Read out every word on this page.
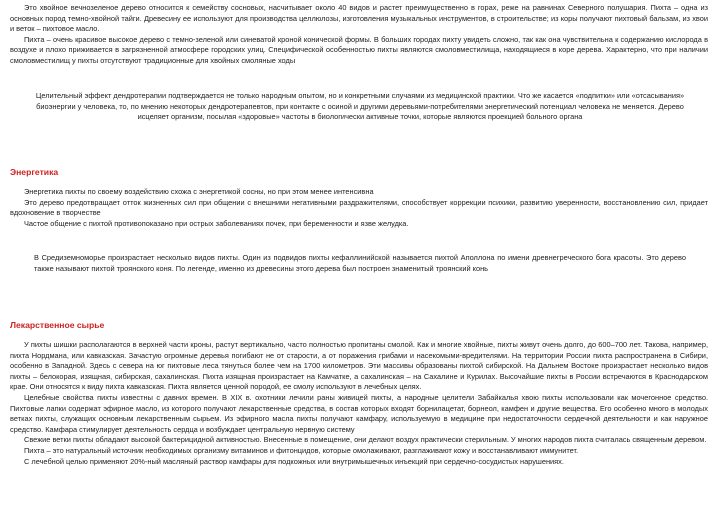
Это хвойное вечнозеленое дерево относится к семейству сосновых, насчитывает около 40 видов и растет преимущественно в горах, реже на равнинах Северного полушария. Пихта – одна из основных пород темно-хвойной тайги. Древесину ее используют для производства целлюлозы, изготовления музыкальных инструментов, в строительстве; из коры получают пихтовый бальзам, из хвои и веток – пихтовое масло.
Пихта – очень красивое высокое дерево с темно-зеленой или синеватой кроной конической формы. В больших городах пихту увидеть сложно, так как она чувствительна к содержанию кислорода в воздухе и плохо приживается в загрязненной атмосфере городских улиц. Специфической особенностью пихты являются смоловместилища, находящиеся в коре дерева. Характерно, что при наличии смоловместилищ у пихты отсутствуют традиционные для хвойных смоляные ходы
Целительный эффект дендротерапии подтверждается не только народным опытом, но и конкретными случаями из медицинской практики. Что же касается «подпитки» или «отсасывания» биоэнергии у человека, то, по мнению некоторых дендротерапевтов, при контакте с осиной и другими деревьями-потребителями энергетический потенциал человека не меняется. Дерево исцеляет организм, посылая «здоровые» частоты в биологически активные точки, которые являются проекцией больного органа
Энергетика
Энергетика пихты по своему воздействию схожа с энергетикой сосны, но при этом менее интенсивна
Это дерево предотвращает отток жизненных сил при общении с внешними негативными раздражителями, способствует коррекции психики, развитию уверенности, восстановлению сил, придает вдохновение в творчестве
Частое общение с пихтой противопоказано при острых заболеваниях почек, при беременности и язве желудка.
В Средиземноморье произрастает несколько видов пихты. Один из подвидов пихты кефаллинийской называется пихтой Аполлона по имени древнегреческого бога красоты. Это дерево также называют пихтой троянского коня. По легенде, именно из древесины этого дерева был построен знаменитый троянский конь
Лекарственное сырье
У пихты шишки располагаются в верхней части кроны, растут вертикально, часто полностью пропитаны смолой. Как и многие хвойные, пихты живут очень долго, до 600–700 лет. Такова, например, пихта Нордмана, или кавказская. Зачастую огромные деревья погибают не от старости, а от поражения грибами и насекомыми-вредителями. На территории России пихта распространена в Сибири, особенно в Западной. Здесь с севера на юг пихтовые леса тянуться более чем на 1700 километров. Эти массивы образованы пихтой сибирской. На Дальнем Востоке произрастает несколько видов пихты – белокорая, изящная, сибирская, сахалинская. Пихта изящная произрастает на Камчатке, а сахалинская – на Сахалине и Курилах. Высочайшие пихты в России встречаются в Краснодарском крае. Они относятся к виду пихта кавказская. Пихта является ценной породой, ее смолу используют в лечебных целях.
Целебные свойства пихты известны с давних времен. В XIX в. охотники лечили раны живицей пихты, а народные целители Забайкалья хвою пихты использовали как мочегонное средство. Пихтовые лапки содержат эфирное масло, из которого получают лекарственные средства, в состав которых входят борнилацетат, борнеол, камфен и другие вещества. Его особенно много в молодых ветках пихты, служащих основным лекарственным сырьем. Из эфирного масла пихты получают камфару, используемую в медицине при недостаточности сердечной деятельности и как наружное средство. Камфара стимулирует деятельность сердца и возбуждает центральную нервную систему
Свежие ветки пихты обладают высокой бактерицидной активностью. Внесенные в помещение, они делают воздух практически стерильным. У многих народов пихта считалась священным деревом.
Пихта – это натуральный источник необходимых организму витаминов и фитонцидов, которые омолаживают, разглаживают кожу и восстанавливают иммунитет.
С лечебной целью применяют 20%-ный масляный раствор камфары для подкожных или внутримышечных инъекций при сердечно-сосудистых нарушениях.
